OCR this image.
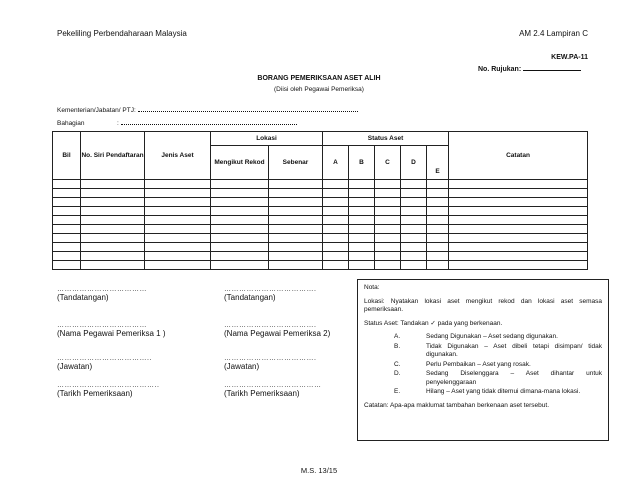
Pekeliling Perbendaharaan Malaysia	AM 2.4 Lampiran C
KEW.PA-11
No. Rujukan:
BORANG PEMERIKSAAN ASET ALIH
(Diisi oleh Pegawai Pemeriksa)
Kementerian/Jabatan/ PTJ:
Bahagian	:
Bil	No. Siri Pendaftaran	Jenis Aset	Lokasi		Status Aset					Catatan
			Mengikut Rekod	Sebenar	A	B	C	D	E	

………………………………
(Tandatangan)
………………………………
(Nama Pegawai Pemeriksa 1 )
………………………………..
(Jawatan)
…………………………………..
(Tarikh Pemeriksaan)
……………………………….
(Tandatangan)
……………………………….
(Nama Pegawai Pemeriksa 2)
……………………………….
(Jawatan)
…………………………………
(Tarikh Pemeriksaan)

Nota:

Lokasi: Nyatakan lokasi aset mengikut rekod dan lokasi aset semasa pemeriksaan.

Status Aset: Tandakan ✓ pada yang berkenaan.

A.	Sedang Digunakan – Aset sedang digunakan.
B.	Tidak Digunakan – Aset dibeli tetapi disimpan/ tidak digunakan.
C.	Perlu Pembaikan – Aset yang rosak.
D.	Sedang Diselenggara – Aset dihantar untuk penyelenggaraan
E.	Hilang – Aset yang tidak ditemui dimana-mana lokasi.

Catatan: Apa-apa maklumat tambahan berkenaan aset tersebut.

M.S. 13/15
